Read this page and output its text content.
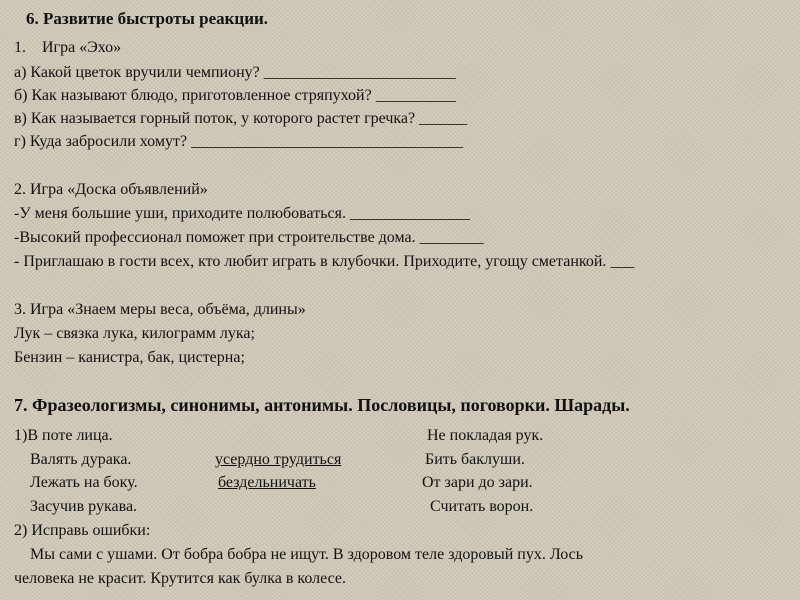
6. Развитие быстроты реакции.
1. Игра «Эхо»
а) Какой цветок вручили чемпиону? ________________________
б) Как называют блюдо, приготовленное стряпухой? __________
в) Как называется горный поток, у которого растет гречка? ______
г) Куда забросили хомут? __________________________________
2. Игра «Доска объявлений»
-У меня большие уши, приходите полюбоваться. _______________
-Высокий профессионал поможет при строительстве дома. ________
- Приглашаю в гости всех, кто любит играть в клубочки. Приходите, угощу сметанкой. ___
3. Игра «Знаем меры веса, объёма, длины»
Лук – связка лука, килограмм лука;
Бензин – канистра, бак, цистерна;
7. Фразеологизмы, синонимы, антонимы. Пословицы, поговорки. Шарады.
1)В поте лица.
Валять дурака.
Лежать на боку.
Засучив рукава.
усердно трудиться
бездельничать
Не покладая рук.
Бить баклуши.
От зари до зари.
Считать ворон.
2) Исправь ошибки:
Мы сами с ушами. От бобра бобра не ищут. В здоровом теле здоровый пух. Лось
человека не красит. Крутится как булка в колесе.
